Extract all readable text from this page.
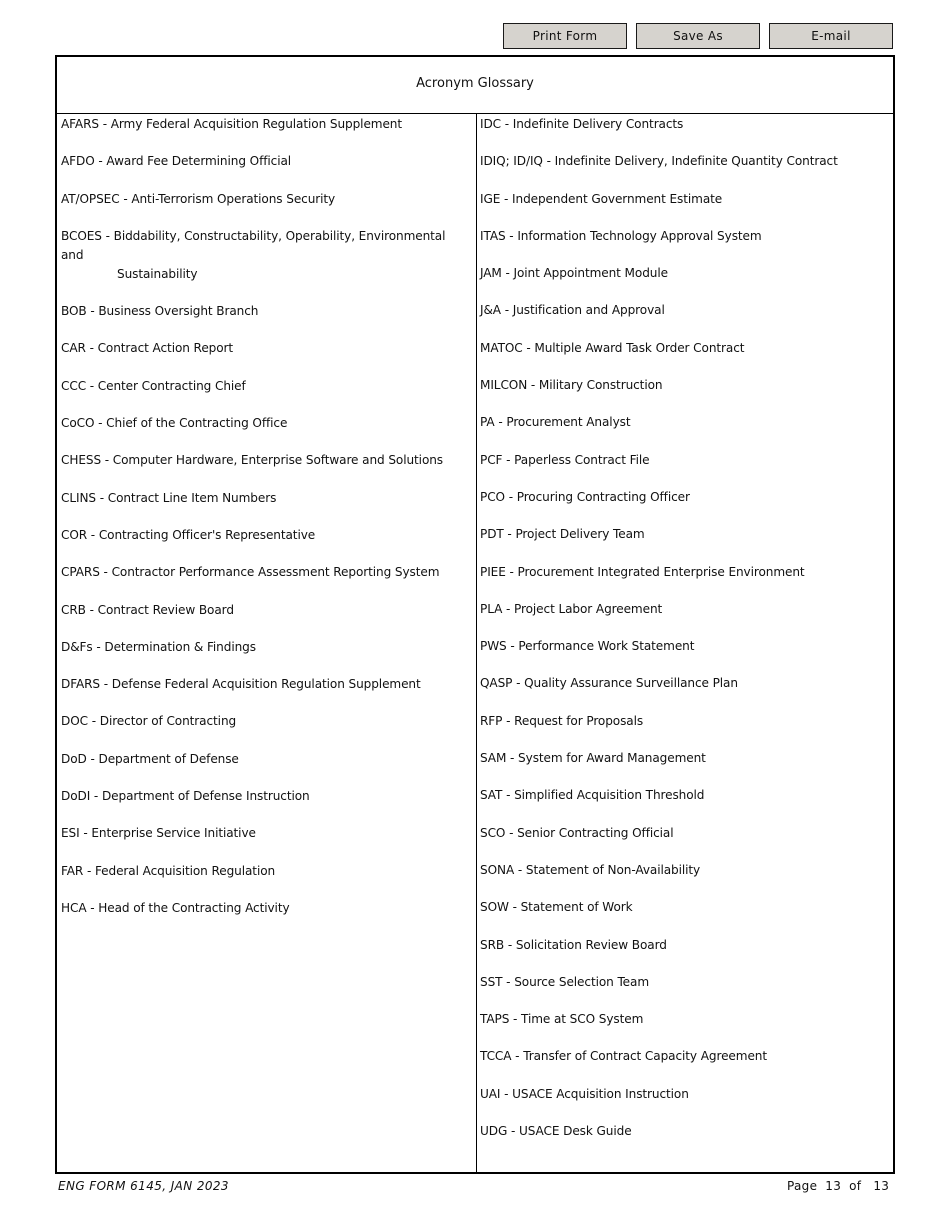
Print Form	Save As	E-mail
Acronym Glossary
AFARS - Army Federal Acquisition Regulation Supplement
AFDO - Award Fee Determining Official
AT/OPSEC - Anti-Terrorism Operations Security
BCOES - Biddability, Constructability, Operability, Environmental and
Sustainability
BOB - Business Oversight Branch
CAR - Contract Action Report
CCC - Center Contracting Chief
CoCO - Chief of the Contracting Office
CHESS - Computer Hardware, Enterprise Software and Solutions
CLINS - Contract Line Item Numbers
COR - Contracting Officer's Representative
CPARS - Contractor Performance Assessment Reporting System
CRB - Contract Review Board
D&Fs - Determination & Findings
DFARS - Defense Federal Acquisition Regulation Supplement
DOC - Director of Contracting
DoD - Department of Defense
DoDI - Department of Defense Instruction
ESI - Enterprise Service Initiative
FAR - Federal Acquisition Regulation
HCA - Head of the Contracting Activity
IDC - Indefinite Delivery Contracts
IDIQ; ID/IQ - Indefinite Delivery, Indefinite Quantity Contract
IGE - Independent Government Estimate
ITAS - Information Technology Approval System
JAM - Joint Appointment Module
J&A - Justification and Approval
MATOC - Multiple Award Task Order Contract
MILCON - Military Construction
PA - Procurement Analyst
PCF - Paperless Contract File
PCO - Procuring Contracting Officer
PDT - Project Delivery Team
PIEE - Procurement Integrated Enterprise Environment
PLA - Project Labor Agreement
PWS - Performance Work Statement
QASP - Quality Assurance Surveillance Plan
RFP - Request for Proposals
SAM - System for Award Management
SAT - Simplified Acquisition Threshold
SCO - Senior Contracting Official
SONA - Statement of Non-Availability
SOW - Statement of Work
SRB - Solicitation Review Board
SST - Source Selection Team
TAPS - Time at SCO System
TCCA - Transfer of Contract Capacity Agreement
UAI - USACE Acquisition Instruction
UDG - USACE Desk Guide
ENG FORM 6145, JAN 2023	Page 13 of 13
